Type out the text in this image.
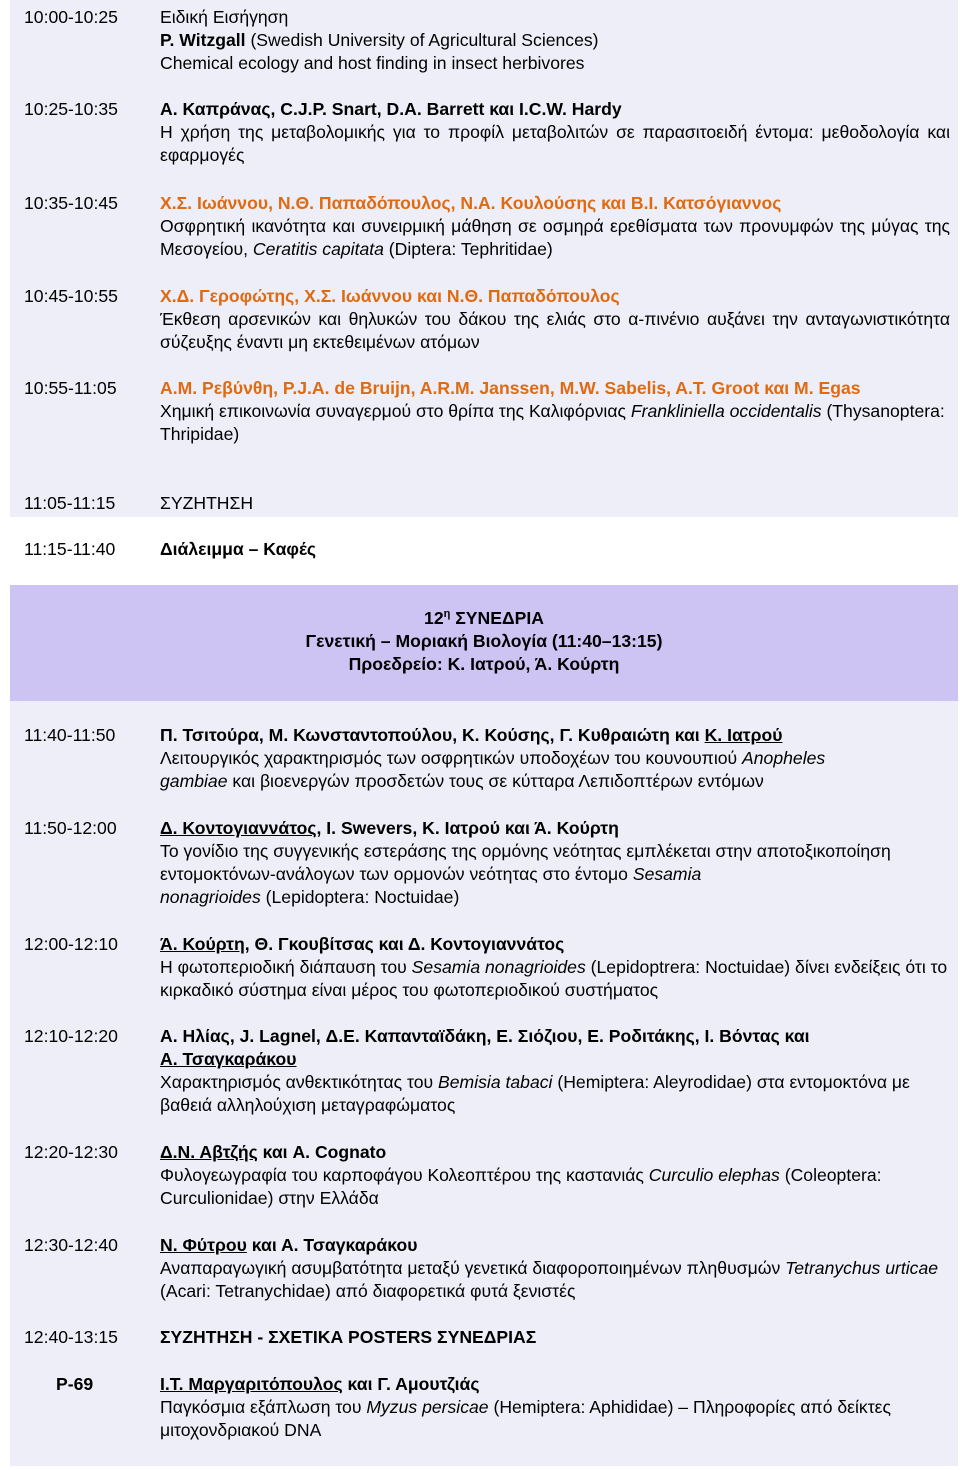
10:00-10:25 Ειδική Εισήγηση
Ρ. Witzgall (Swedish University of Agricultural Sciences)
Chemical ecology and host finding in insect herbivores
10:25-10:35 Α. Καπράνας, C.J.P. Snart, D.A. Barrett και I.C.W. Hardy
Η χρήση της μεταβολομικής για το προφίλ μεταβολιτών σε παρασιτοειδή έντομα: μεθοδολογία και εφαρμογές
10:35-10:45 Χ.Σ. Ιωάννου, Ν.Θ. Παπαδόπουλος, Ν.Α. Κουλούσης και Β.Ι. Κατσόγιαννος
Οσφρητική ικανότητα και συνειρμική μάθηση σε οσμηρά ερεθίσματα των προνυμφών της μύγας της Μεσογείου, Ceratitis capitata (Diptera: Tephritidae)
10:45-10:55 Χ.Δ. Γεροφώτης, Χ.Σ. Ιωάννου και Ν.Θ. Παπαδόπουλος
Έκθεση αρσενικών και θηλυκών του δάκου της ελιάς στο α-πινένιο αυξάνει την ανταγωνιστικότητα σύζευξης έναντι μη εκτεθειμένων ατόμων
10:55-11:05 Α.Μ. Ρεβύνθη, P.J.A. de Bruijn, A.R.M. Janssen, M.W. Sabelis, A.T. Groot και M. Egas
Χημική επικοινωνία συναγερμού στο θρίπα της Καλιφόρνιας Frankliniella occidentalis (Thysanoptera: Thripidae)
11:05-11:15	ΣΥΖΗΤΗΣΗ
11:15-11:40	Διάλειμμα – Καφές
$12^\eta$ ΣΥΝΕΔΡΙΑ
Γενετική – Μοριακή Βιολογία (11:40–13:15)
Προεδρείο: Κ. Ιατρού, Ά. Κούρτη
11:40-11:50	Π. Τσιτούρα, Μ. Κωνσταντοπούλου, Κ. Κούσης, Γ. Κυθραιώτη και Κ. Ιατρού
Λειτουργικός χαρακτηρισμός των οσφρητικών υποδοχέων του κουνουπιού Anopheles
gambiae και βιοενεργών προσδετών τους σε κύτταρα Λεπιδοπτέρων εντόμων
11:50-12:00 Δ. Κοντογιαννάτος, I. Swevers, Κ. Ιατρού και Ά. Κούρτη
Το γονίδιο της συγγενικής εστεράσης της ορμόνης νεότητας εμπλέκεται στην αποτοξικοποίηση εντομοκτόνων-ανάλογων των ορμονών νεότητας στο έντομο Sesamia
nonagrioides (Lepidoptera: Noctuidae)
12:00-12:10 Ά. Κούρτη, Θ. Γκουβίτσας και Δ. Κοντογιαννάτος
Η φωτοπεριοδική διάπαυση του Sesamia nonagrioides (Lepidoptrera: Noctuidae) δίνει ενδείξεις ότι το κιρκαδικό σύστημα είναι μέρος του φωτοπεριοδικού συστήματος
12:10-12:20 Α. Ηλίας, J. Lagnel, Δ.Ε. Καπανταϊδάκη, Ε. Σιόζιου, Ε. Ροδιτάκης, Ι. Βόντας και
Α. Τσαγκαράκου
Χαρακτηρισμός ανθεκτικότητας του Bemisia tabaci (Hemiptera: Aleyrodidae) στα εντομοκτόνα με βαθειά αλληλούχιση μεταγραφώματος
12:20-12:30 Δ.Ν. Αβτζής και A. Cognato
Φυλογεωγραφία του καρποφάγου Κολεοπτέρου της καστανιάς Curculio elephas (Coleoptera: Curculionidae) στην Ελλάδα
12:30-12:40 Ν. Φύτρου και Α. Τσαγκαράκου
Αναπαραγωγική ασυμβατότητα μεταξύ γενετικά διαφοροποιημένων πληθυσμών Tetranychus urticae (Acari: Tetranychidae) από διαφορετικά φυτά ξενιστές
12:40-13:15 ΣΥΖΗΤΗΣΗ - ΣΧΕΤΙΚΑ POSTERS ΣΥΝΕΔΡΙΑΣ
P-69	Ι.Τ. Μαργαριτόπουλος και Γ. Αμουτζιάς
Παγκόσμια εξάπλωση του Myzus persicae (Hemiptera: Aphididae) – Πληροφορίες από δείκτες μιτοχονδριακού DNA
